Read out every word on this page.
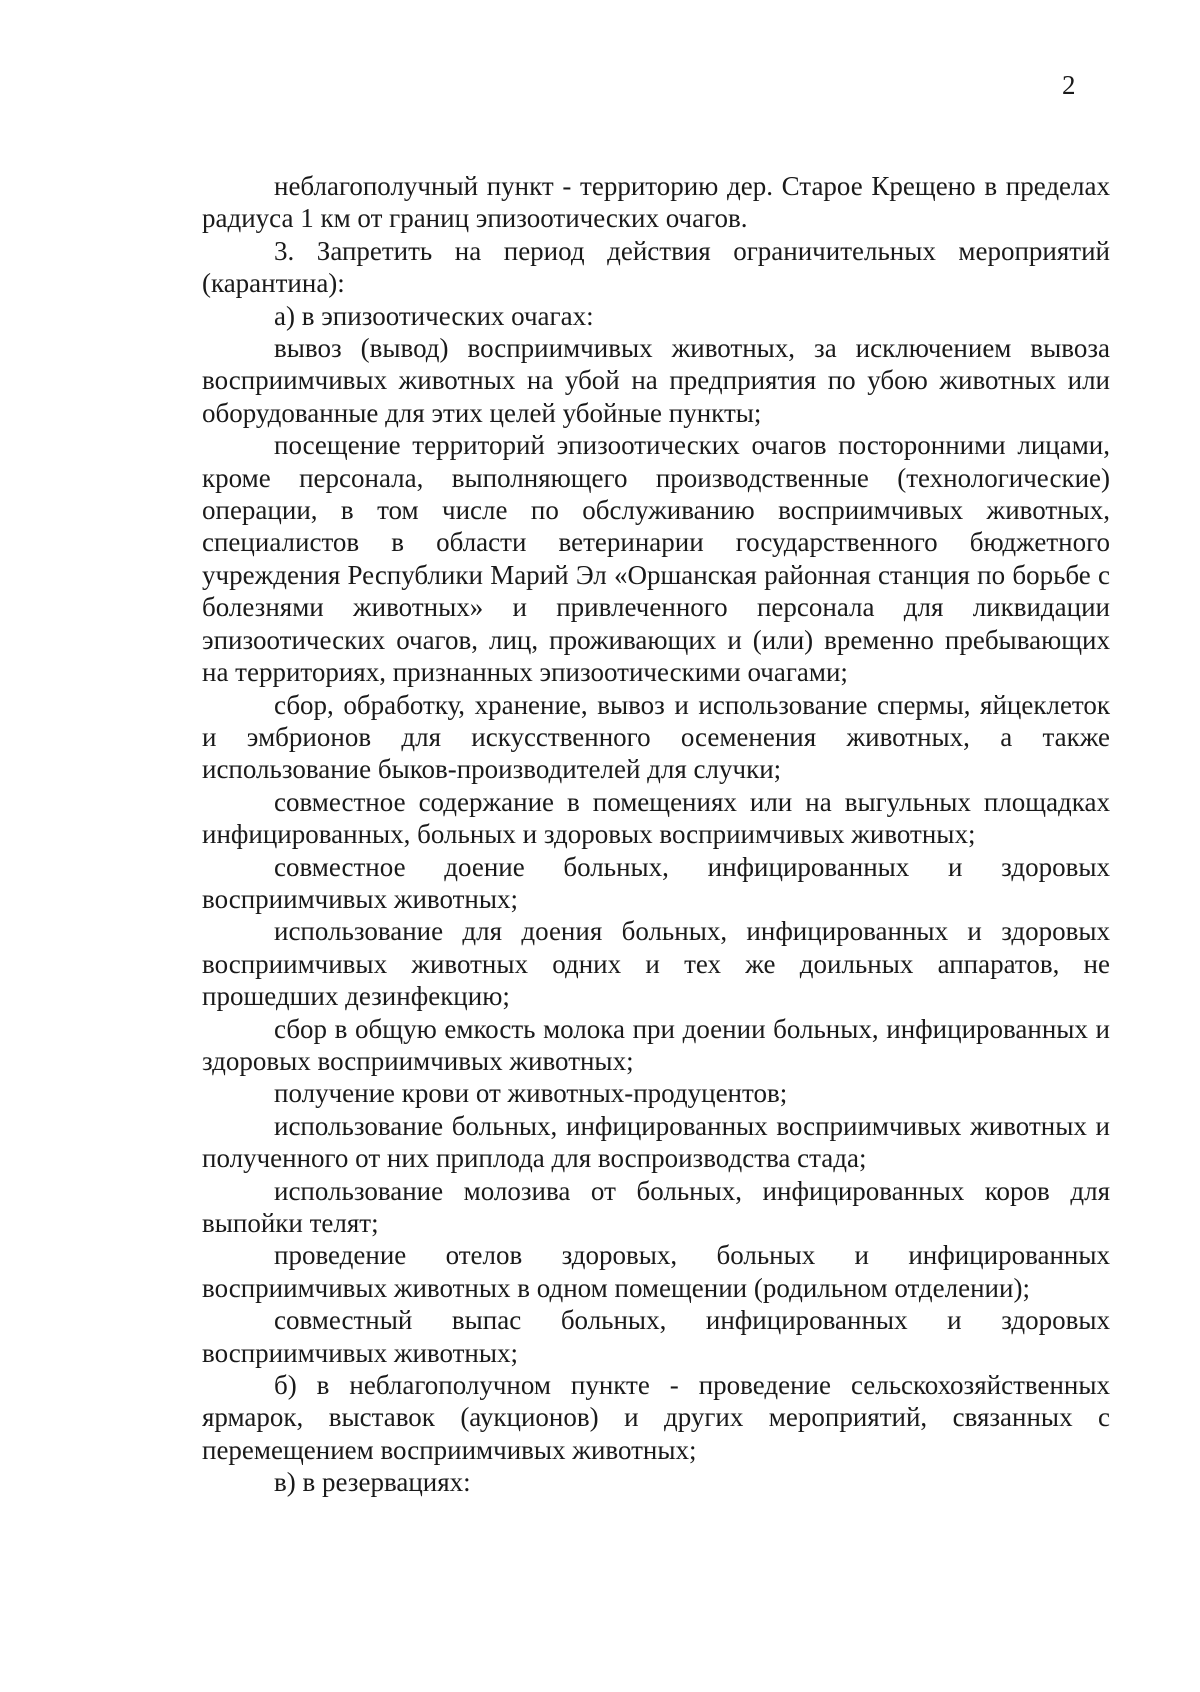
2

неблагополучный пункт - территорию дер. Старое Крещено в пределах радиуса 1 км от границ эпизоотических очагов.

3. Запретить на период действия ограничительных мероприятий (карантина):

а) в эпизоотических очагах:

вывоз (вывод) восприимчивых животных, за исключением вывоза восприимчивых животных на убой на предприятия по убою животных или оборудованные для этих целей убойные пункты;

посещение территорий эпизоотических очагов посторонними лицами, кроме персонала, выполняющего производственные (технологические) операции, в том числе по обслуживанию восприимчивых животных, специалистов в области ветеринарии государственного бюджетного учреждения Республики Марий Эл «Оршанская районная станция по борьбе с болезнями животных» и привлеченного персонала для ликвидации эпизоотических очагов, лиц, проживающих и (или) временно пребывающих на территориях, признанных эпизоотическими очагами;

сбор, обработку, хранение, вывоз и использование спермы, яйцеклеток и эмбрионов для искусственного осеменения животных, а также использование быков-производителей для случки;

совместное содержание в помещениях или на выгульных площадках инфицированных, больных и здоровых восприимчивых животных;

совместное доение больных, инфицированных и здоровых восприимчивых животных;

использование для доения больных, инфицированных и здоровых восприимчивых животных одних и тех же доильных аппаратов, не прошедших дезинфекцию;

сбор в общую емкость молока при доении больных, инфицированных и здоровых восприимчивых животных;

получение крови от животных-продуцентов;

использование больных, инфицированных восприимчивых животных и полученного от них приплода для воспроизводства стада;

использование молозива от больных, инфицированных коров для выпойки телят;

проведение отелов здоровых, больных и инфицированных восприимчивых животных в одном помещении (родильном отделении);

совместный выпас больных, инфицированных и здоровых восприимчивых животных;

б) в неблагополучном пункте - проведение сельскохозяйственных ярмарок, выставок (аукционов) и других мероприятий, связанных с перемещением восприимчивых животных;

в) в резервациях:
